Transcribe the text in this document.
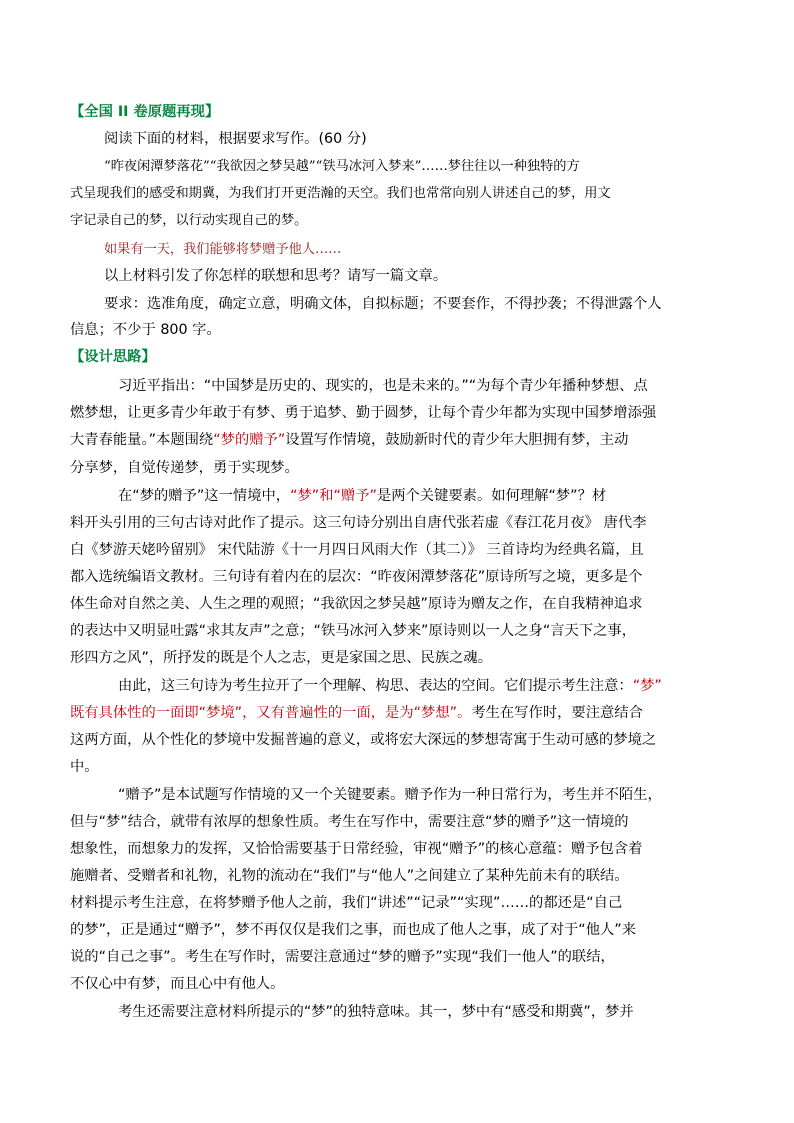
【全国 II 卷原题再现】
阅读下面的材料，根据要求写作。(60 分)
“昨夜闲潭梦落花”“我欲因之梦吴越”“铁马冰河入梦来”……梦往往以一种独特的方
式呈现我们的感受和期冀，为我们打开更浩瀚的天空。我们也常常向别人讲述自己的梦，用文
字记录自己的梦，以行动实现自己的梦。
如果有一天，我们能够将梦赠予他人……
以上材料引发了你怎样的联想和思考？请写一篇文章。
要求：选准角度，确定立意，明确文体，自拟标题；不要套作，不得抄袭；不得泄露个人
信息；不少于 800 字。
【设计思路】
习近平指出：“中国梦是历史的、现实的，也是未来的。”“为每个青少年播种梦想、点
燃梦想，让更多青少年敢于有梦、勇于追梦、勤于圆梦，让每个青少年都为实现中国梦增添强
大青春能量。”本题围绕“梦的赠予”设置写作情境，鼓励新时代的青少年大胆拥有梦，主动
分享梦，自觉传递梦，勇于实现梦。
在“梦的赠予”这一情境中，“梦”和“赠予”是两个关键要素。如何理解“梦”？材
料开头引用的三句古诗对此作了提示。这三句诗分别出自唐代张若虚《春江花月夜》 唐代李
白《梦游天姥吟留别》 宋代陆游《十一月四日风雨大作（其二）》 三首诗均为经典名篇，且
都入选统编语文教材。三句诗有着内在的层次：“昨夜闲潭梦落花”原诗所写之境，更多是个
体生命对自然之美、人生之理的观照；“我欲因之梦吴越”原诗为赠友之作，在自我精神追求
的表达中又明显吐露“求其友声”之意；“铁马冰河入梦来”原诗则以一人之身“言天下之事，
形四方之风”，所抒发的既是个人之志，更是家国之思、民族之魂。
由此，这三句诗为考生拉开了一个理解、构思、表达的空间。它们提示考生注意：“梦”
既有具体性的一面即“梦境”，又有普遍性的一面，是为“梦想”。考生在写作时，要注意结合
这两方面，从个性化的梦境中发掘普遍的意义，或将宏大深远的梦想寄寓于生动可感的梦境之
中。
“赠予”是本试题写作情境的又一个关键要素。赠予作为一种日常行为，考生并不陌生，
但与“梦”结合，就带有浓厚的想象性质。考生在写作中，需要注意“梦的赠予”这一情境的
想象性，而想象力的发挥，又恰恰需要基于日常经验，审视“赠予”的核心意蕴：赠予包含着
施赠者、受赠者和礼物，礼物的流动在“我们”与“他人”之间建立了某种先前未有的联结。
材料提示考生注意，在将梦赠予他人之前，我们“讲述”“记录”“实现”……的都还是“自己
的梦”，正是通过“赠予”，梦不再仅仅是我们之事，而也成了他人之事，成了对于“他人”来
说的“自己之事”。考生在写作时，需要注意通过“梦的赠予”实现“我们一他人”的联结，
不仅心中有梦，而且心中有他人。
考生还需要注意材料所提示的“梦”的独特意味。其一，梦中有“感受和期冀”，梦并
